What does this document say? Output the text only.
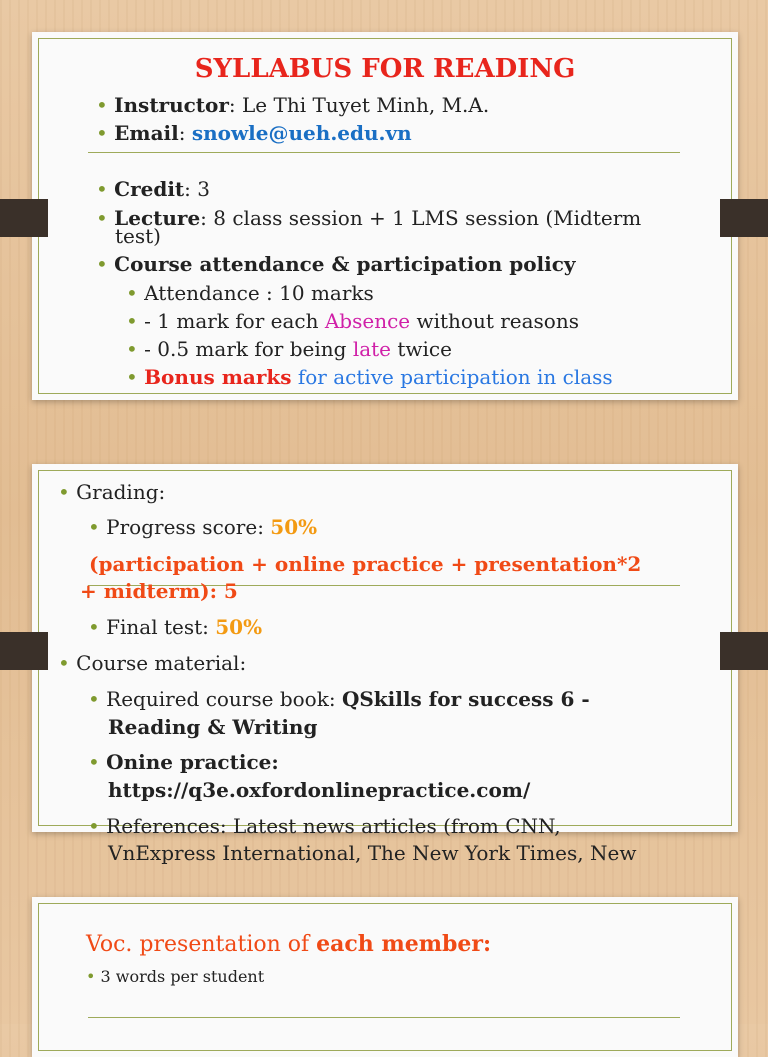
SYLLABUS FOR READING
• Instructor: Le Thi Tuyet Minh, M.A.
• Email: snowle@ueh.edu.vn
• Credit: 3
• Lecture: 8 class session + 1 LMS session (Midterm
test)
• Course attendance & participation policy
• Attendance : 10 marks
• - 1 mark for each Absence without reasons
• - 0.5 mark for being late twice
• Bonus marks for active participation in class
• Grading:
• Progress score: 50%
(participation + online practice + presentation*2
+ midterm): 5
• Final test: 50%
• Course material:
• Required course book: QSkills for success 6 -
Reading & Writing
• Onine practice:
https://q3e.oxfordonlinepractice.com/
• References: Latest news articles (from CNN,
VnExpress International, The New York Times, New
Voc. presentation of each member:
• 3 words per student
